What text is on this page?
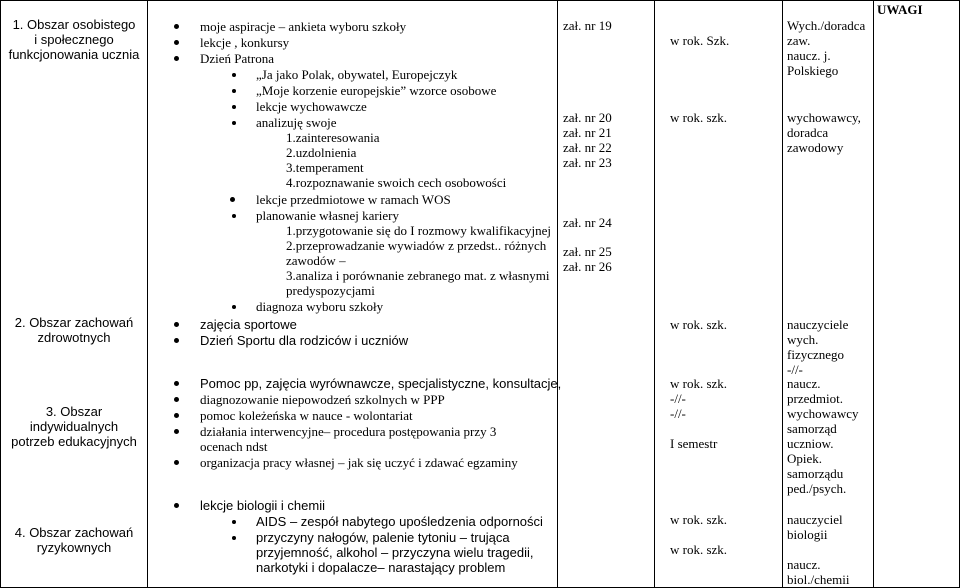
1. Obszar osobistego
i społecznego
funkcjonowania ucznia
2. Obszar zachowań
zdrowotnych
3. Obszar indywidualnych
potrzeb edukacyjnych
4. Obszar zachowań
ryzykownych
moje aspiracje – ankieta wyboru szkoły
lekcje , konkursy
Dzień Patrona
„Ja jako Polak, obywatel, Europejczyk
„Moje korzenie europejskie” wzorce osobowe
lekcje wychowawcze
analizuję swoje
1.zainteresowania
2.uzdolnienia
3.temperament
4.rozpoznawanie swoich cech osobowości
lekcje przedmiotowe w ramach WOS
planowanie własnej kariery
1.przygotowanie się do I rozmowy kwalifikacyjnej
2.przeprowadzanie wywiadów z przedst.. różnych
zawodów –
3.analiza i porównanie zebranego mat. z własnymi
predyspozycjami
diagnoza wyboru szkoły
zajęcia sportowe
Dzień Sportu dla rodziców i uczniów
Pomoc pp, zajęcia wyrównawcze, specjalistyczne, konsultacje,
diagnozowanie niepowodzeń szkolnych w PPP
pomoc koleżeńska w nauce - wolontariat
działania interwencyjne– procedura postępowania przy 3
ocenach ndst
organizacja pracy własnej – jak się uczyć i zdawać egzaminy
lekcje biologii i chemii
AIDS – zespół nabytego upośledzenia odporności
przyczyny nałogów, palenie tytoniu – trująca
przyjemność, alkohol – przyczyna wielu tragedii,
narkotyki i dopalacze– narastający problem
zał. nr 19
zał. nr 20
zał. nr 21
zał. nr 22
zał. nr 23
zał. nr 24
zał. nr 25
zał. nr 26
w rok. Szk.
w rok. szk.
w rok. szk.
w rok. szk.
-//-
-//-
I semestr
w rok. szk.
w rok. szk.
Wych./doradca
zaw.
naucz. j.
Polskiego
wychowawcy,
doradca
zawodowy
nauczyciele
wych.
fizycznego
-//-
naucz.
przedmiot.
wychowawcy
samorząd
uczniow.
Opiek.
samorządu
ped./psych.
nauczyciel
biologii
naucz.
biol./chemii
UWAGI
